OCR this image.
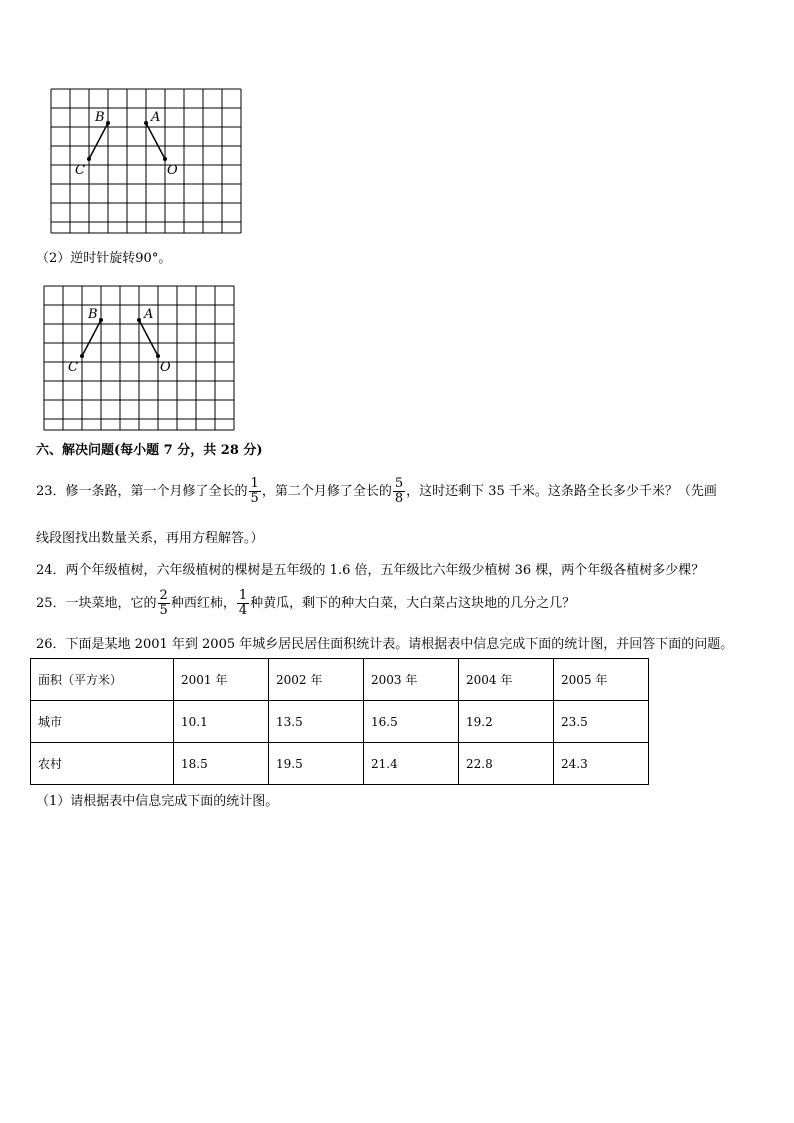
B	A
C	O
（2）逆时针旋转90°。
B	A
C	O
六、解决问题(每小题 7 分，共 28 分)
23．修一条路，第一个月修了全长的 $\frac{1}{5}$ ，第二个月修了全长的 $\frac{5}{8}$ ，这时还剩下 35 千米。这条路全长多少千米？（先画
线段图找出数量关系，再用方程解答。）
24．两个年级植树，六年级植树的棵树是五年级的 1.6 倍，五年级比六年级少植树 36 棵，两个年级各植树多少棵？
25．一块菜地，它的 $\frac{2}{5}$ 种西红柿， $\frac{1}{4}$ 种黄瓜，剩下的种大白菜，大白菜占这块地的几分之几？
26．下面是某地 2001 年到 2005 年城乡居民居住面积统计表。请根据表中信息完成下面的统计图，并回答下面的问题。
面积（平方米）	2001 年	2002 年	2003 年	2004 年	2005 年
城市	10.1	13.5	16.5	19.2	23.5
农村	18.5	19.5	21.4	22.8	24.3
（1）请根据表中信息完成下面的统计图。
